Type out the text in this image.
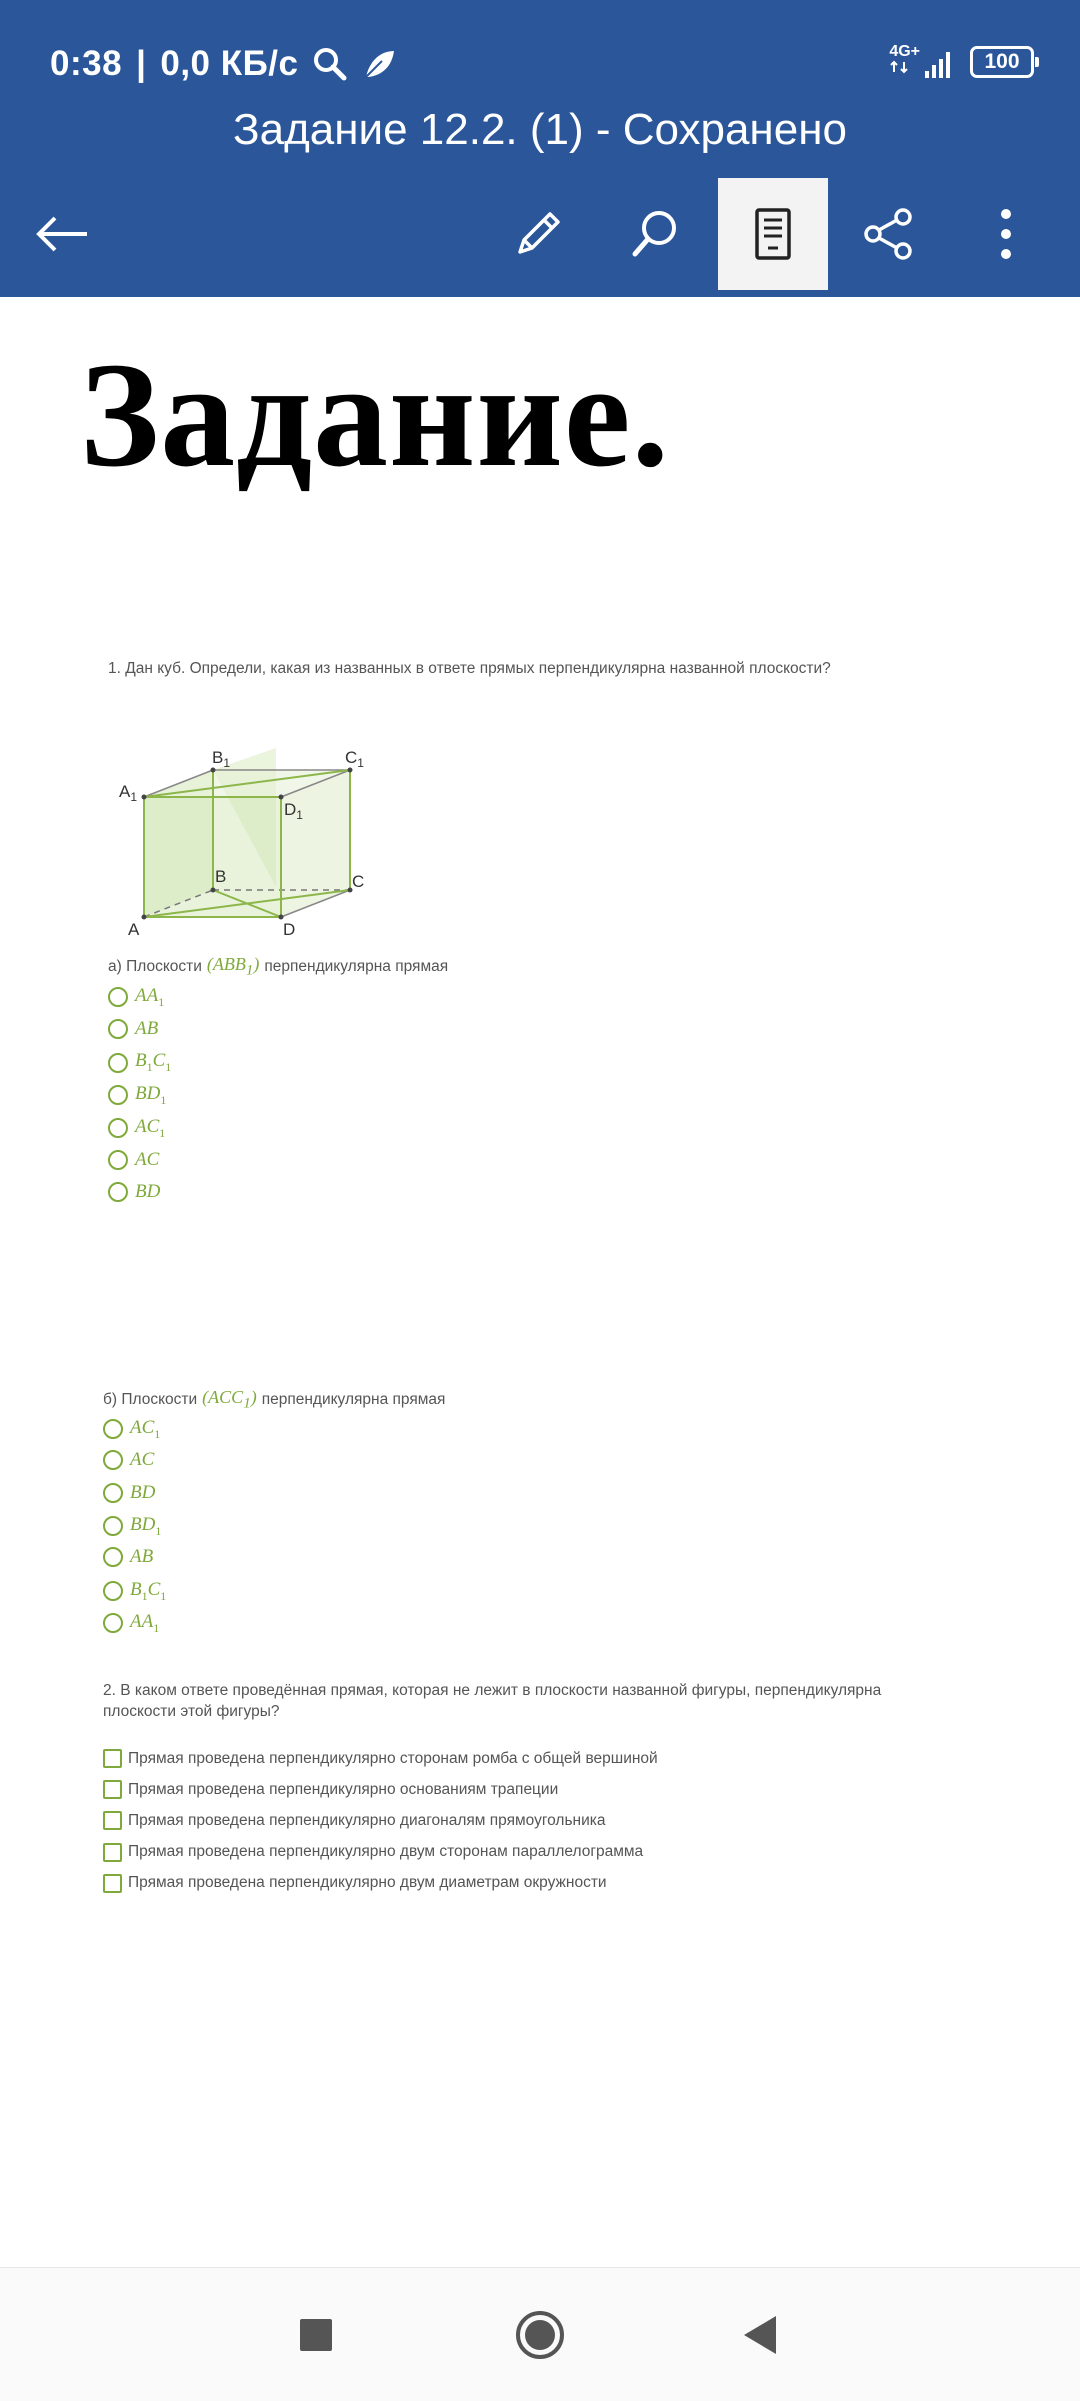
0:38 | 0,0 КБ/с	4G+	100
Задание 12.2. (1) - Сохранено
Задание.
1. Дан куб. Определи, какая из названных в ответе прямых перпендикулярна названной плоскости?
$B_1$	$C_1$
$A_1$
$D_1$
B	C
A	D
а) Плоскости $(ABB_1)$ перпендикулярна прямая
$AA_1$
AB
$B_1C_1$
$BD_1$
$AC_1$
AC
BD
б) Плоскости $(ACC_1)$ перпендикулярна прямая
$AC_1$
AC
BD
$BD_1$
AB
$B_1C_1$
$AA_1$
2. В каком ответе проведённая прямая, которая не лежит в плоскости названной фигуры, перпендикулярна
плоскости этой фигуры?
Прямая проведена перпендикулярно сторонам ромба с общей вершиной
Прямая проведена перпендикулярно основаниям трапеции
Прямая проведена перпендикулярно диагоналям прямоугольника
Прямая проведена перпендикулярно двум сторонам параллелограмма
Прямая проведена перпендикулярно двум диаметрам окружности
